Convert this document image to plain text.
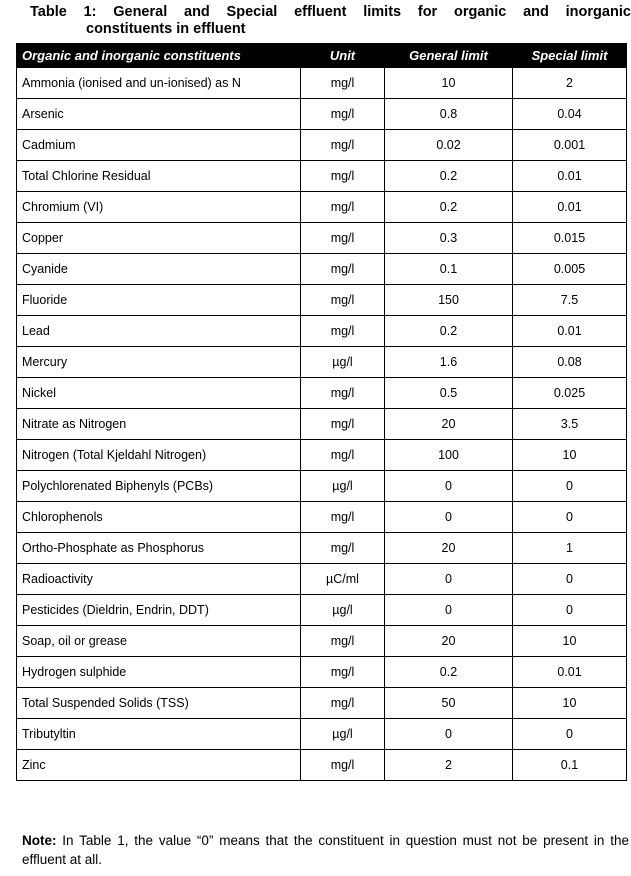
Table 1: General and Special effluent limits for organic and inorganic
constituents in effluent
Organic and inorganic constituents	Unit	General limit	Special limit
Ammonia (ionised and un-ionised) as N	mg/l	10	2
Arsenic	mg/l	0.8	0.04
Cadmium	mg/l	0.02	0.001
Total Chlorine Residual	mg/l	0.2	0.01
Chromium (VI)	mg/l	0.2	0.01
Copper	mg/l	0.3	0.015
Cyanide	mg/l	0.1	0.005
Fluoride	mg/l	150	7.5
Lead	mg/l	0.2	0.01
Mercury	µg/l	1.6	0.08
Nickel	mg/l	0.5	0.025
Nitrate as Nitrogen	mg/l	20	3.5
Nitrogen (Total Kjeldahl Nitrogen)	mg/l	100	10
Polychlorenated Biphenyls (PCBs)	µg/l	0	0
Chlorophenols	mg/l	0	0
Ortho-Phosphate as Phosphorus	mg/l	20	1
Radioactivity	µC/ml	0	0
Pesticides (Dieldrin, Endrin, DDT)	µg/l	0	0
Soap, oil or grease	mg/l	20	10
Hydrogen sulphide	mg/l	0.2	0.01
Total Suspended Solids (TSS)	mg/l	50	10
Tributyltin	µg/l	0	0
Zinc	mg/l	2	0.1
Note: In Table 1, the value “0” means that the constituent in question must not be present in the effluent at all.
